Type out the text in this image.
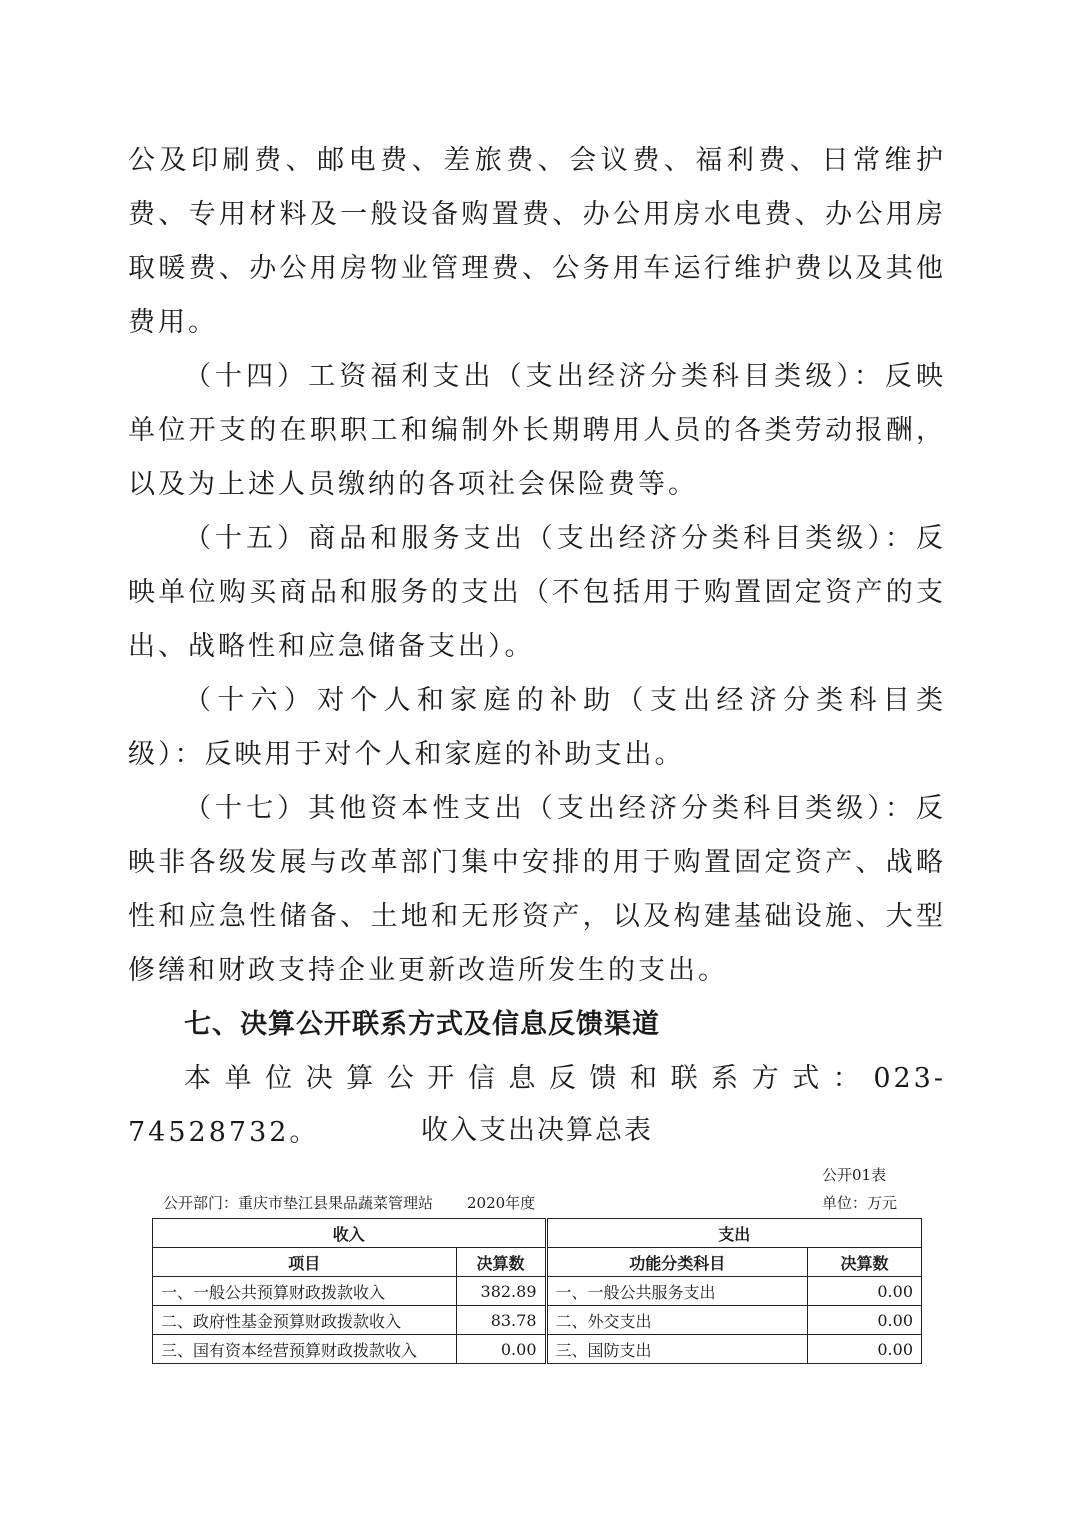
公及印刷费、邮电费、差旅费、会议费、福利费、日常维护 费、专用材料及一般设备购置费、办公用房水电费、办公用房取暖费、办公用房物业管理费、公务用车运行维护费以及其他费用。

（十四）工资福利支出（支出经济分类科目类级）：反映单位开支的在职职工和编制外长期聘用人员的各类劳动报酬，以及为上述人员缴纳的各项社会保险费等。

（十五）商品和服务支出（支出经济分类科目类级）：反映单位购买商品和服务的支出（不包括用于购置固定资产的支出、战略性和应急储备支出）。

（十六）对个人和家庭的补助（支出经济分类科目类级）：反映用于对个人和家庭的补助支出。

（十七）其他资本性支出（支出经济分类科目类级）：反映非各级发展与改革部门集中安排的用于购置固定资产、战略性和应急性储备、土地和无形资产，以及构建基础设施、大型修缮和财政支持企业更新改造所发生的支出。

七、决算公开联系方式及信息反馈渠道

本单位决算公开信息反馈和联系方式：023-74528732。	收入支出决算总表
公开01表
公开部门：重庆市垫江县果品蔬菜管理站 2020年度	单位：万元
收入		支出	
项目	决算数	功能分类科目	决算数
一、一般公共预算财政拨款收入	382.89	一、一般公共服务支出	0.00
二、政府性基金预算财政拨款收入	83.78	二、外交支出	0.00
三、国有资本经营预算财政拨款收入	0.00	三、国防支出	0.00
